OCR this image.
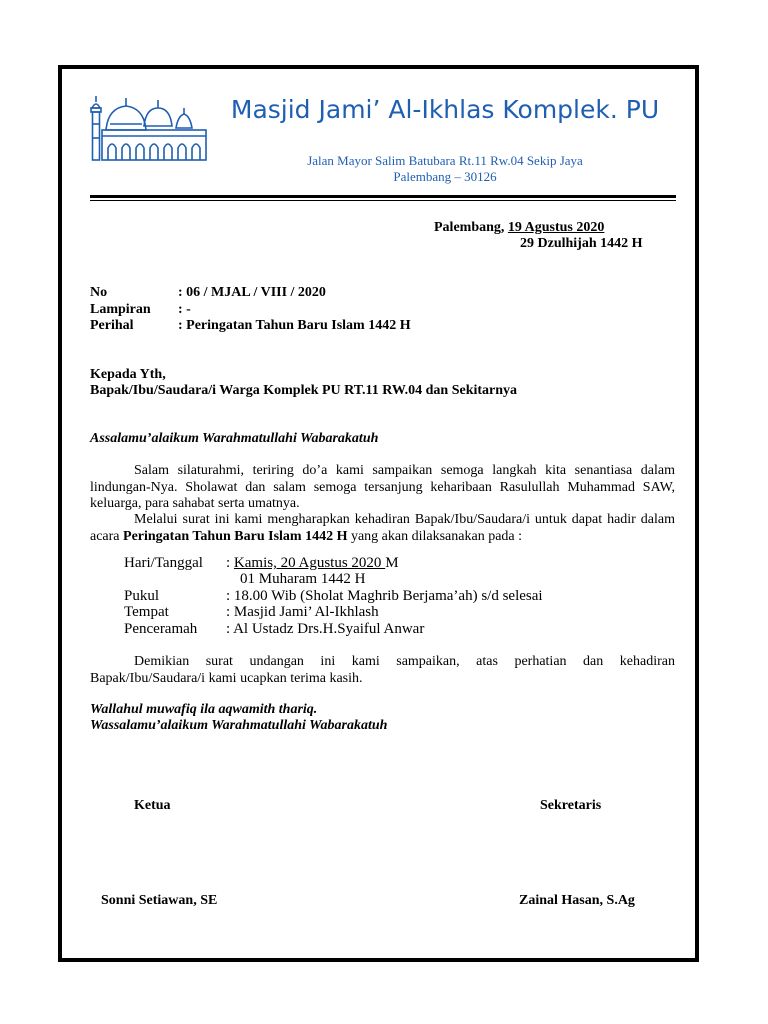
Masjid Jami’ Al-Ikhlas Komplek. PU
Jalan Mayor Salim Batubara Rt.11 Rw.04 Sekip Jaya
Palembang – 30126
Palembang, 19 Agustus 2020
29 Dzulhijah 1442 H
No	: 06 / MJAL / VIII / 2020
Lampiran : -
Perihal	: Peringatan Tahun Baru Islam 1442 H
Kepada Yth,
Bapak/Ibu/Saudara/i Warga Komplek PU RT.11 RW.04 dan Sekitarnya
Assalamu’alaikum Warahmatullahi Wabarakatuh
Salam silaturahmi, teriring do’a kami sampaikan semoga langkah kita senantiasa dalam lindungan-Nya. Sholawat dan salam semoga tersanjung keharibaan Rasulullah Muhammad SAW, keluarga, para sahabat serta umatnya.
Melalui surat ini kami mengharapkan kehadiran Bapak/Ibu/Saudara/i untuk dapat hadir dalam acara Peringatan Tahun Baru Islam 1442 H yang akan dilaksanakan pada :
Hari/Tanggal : Kamis, 20 Agustus 2020 M
01 Muharam 1442 H
Pukul	: 18.00 Wib (Sholat Maghrib Berjama’ah) s/d selesai
Tempat	: Masjid Jami’ Al-Ikhlash
Penceramah : Al Ustadz Drs.H.Syaiful Anwar
Demikian surat undangan ini kami sampaikan, atas perhatian dan kehadiran Bapak/Ibu/Saudara/i kami ucapkan terima kasih.
Wallahul muwafiq ila aqwamith thariq.
Wassalamu’alaikum Warahmatullahi Wabarakatuh
Ketua	Sekretaris
Sonni Setiawan, SE	Zainal Hasan, S.Ag
